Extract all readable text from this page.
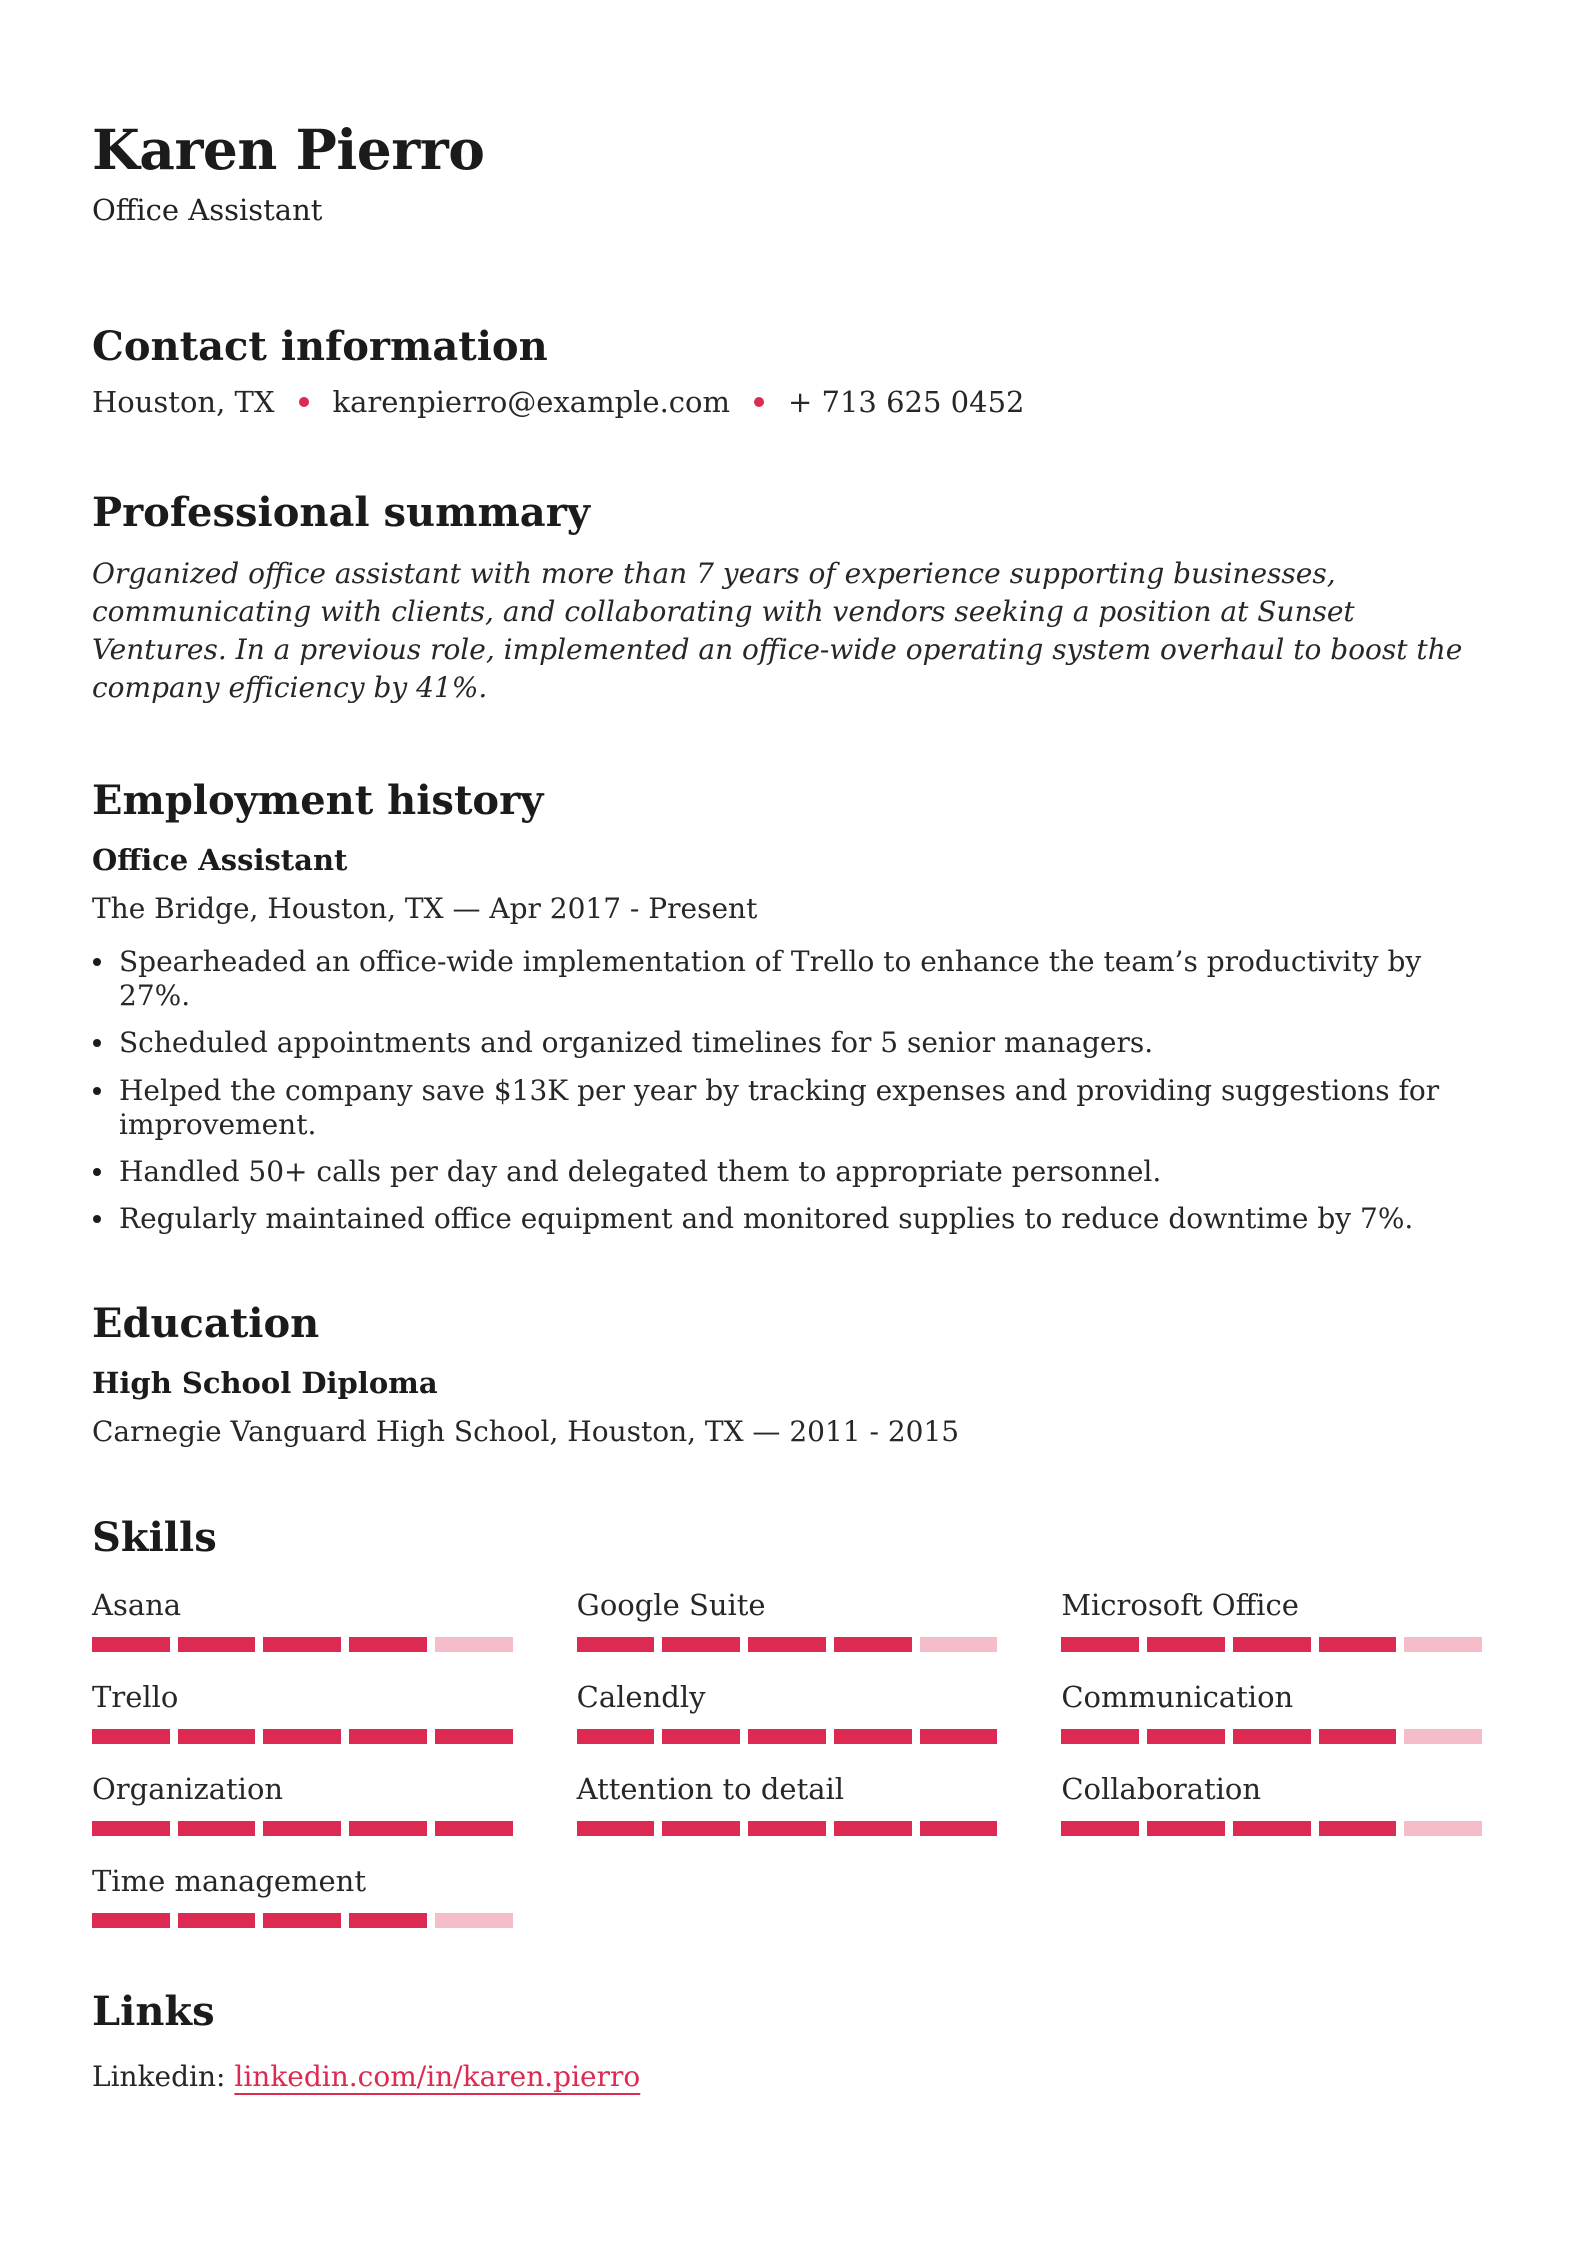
Karen Pierro
Office Assistant
Contact information
Houston, TX karenpierro@example.com + 713 625 0452
Professional summary

Organized office assistant with more than 7 years of experience supporting businesses, communicating with clients, and collaborating with vendors seeking a position at Sunset Ventures. In a previous role, implemented an office-wide operating system overhaul to boost the company efficiency by 41%.

Employment history
Office Assistant
The Bridge, Houston, TX — Apr 2017 - Present
Spearheaded an office-wide implementation of Trello to enhance the team’s productivity by 27%.
Scheduled appointments and organized timelines for 5 senior managers.
Helped the company save $13K per year by tracking expenses and providing suggestions for improvement.
Handled 50+ calls per day and delegated them to appropriate personnel.
Regularly maintained office equipment and monitored supplies to reduce downtime by 7%.
Education
High School Diploma
Carnegie Vanguard High School, Houston, TX — 2011 - 2015
Skills
Asana	Google Suite	Microsoft Office
Trello	Calendly	Communication
Organization	Attention to detail	Collaboration
Time management
Links
Linkedin: linkedin.com/in/karen.pierro
